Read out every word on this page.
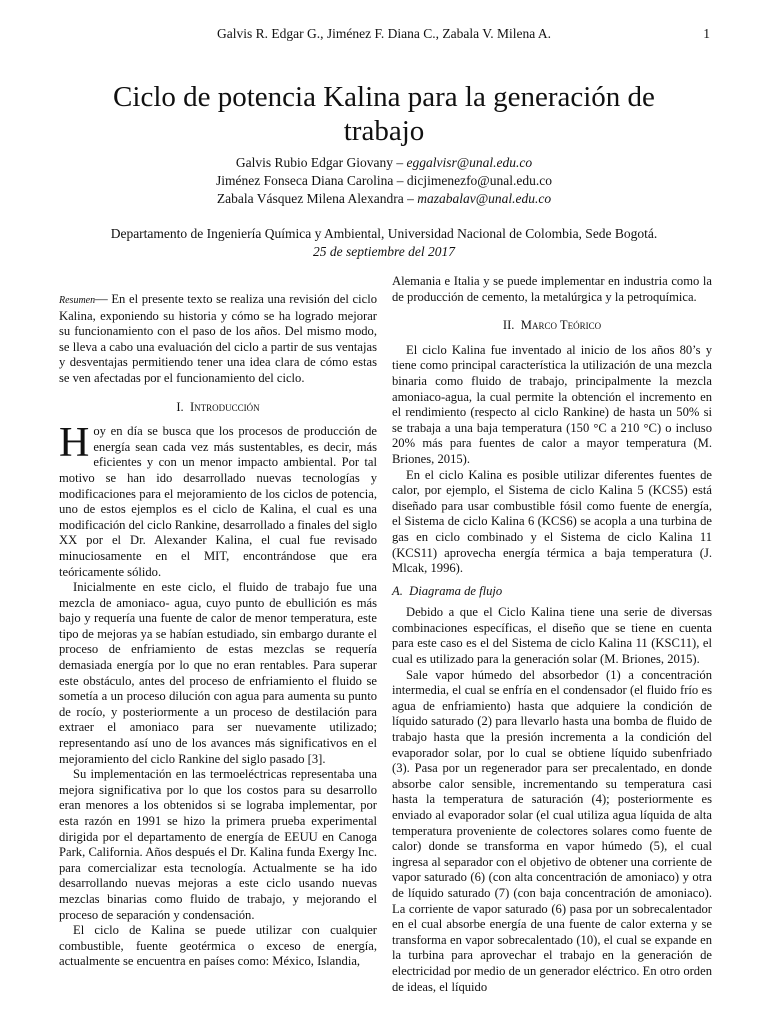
Galvis R. Edgar G., Jiménez F. Diana C., Zabala V. Milena A.	1
Ciclo de potencia Kalina para la generación de trabajo
Galvis Rubio Edgar Giovany – eggalvisr@unal.edu.co
Jiménez Fonseca Diana Carolina – dicjimenezfo@unal.edu.co
Zabala Vásquez Milena Alexandra – mazabalav@unal.edu.co
Departamento de Ingeniería Química y Ambiental, Universidad Nacional de Colombia, Sede Bogotá.
25 de septiembre del 2017

Resumen— En el presente texto se realiza una revisión del ciclo Kalina, exponiendo su historia y cómo se ha logrado mejorar su funcionamiento con el paso de los años. Del mismo modo, se lleva a cabo una evaluación del ciclo a partir de sus ventajas y desventajas permitiendo tener una idea clara de cómo estas se ven afectadas por el funcionamiento del ciclo.

I. Introducción

Hoy en día se busca que los procesos de producción de energía sean cada vez más sustentables, es decir, más eficientes y con un menor impacto ambiental. Por tal motivo se han ido desarrollado nuevas tecnologías y modificaciones para el mejoramiento de los ciclos de potencia, uno de estos ejemplos es el ciclo de Kalina, el cual es una modificación del ciclo Rankine, desarrollado a finales del siglo XX por el Dr. Alexander Kalina, el cual fue revisado minuciosamente en el MIT, encontrándose que era teóricamente sólido.

Inicialmente en este ciclo, el fluido de trabajo fue una mezcla de amoniaco- agua, cuyo punto de ebullición es más bajo y requería una fuente de calor de menor temperatura, este tipo de mejoras ya se habían estudiado, sin embargo durante el proceso de enfriamiento de estas mezclas se requería demasiada energía por lo que no eran rentables. Para superar este obstáculo, antes del proceso de enfriamiento el fluido se sometía a un proceso dilución con agua para aumenta su punto de rocío, y posteriormente a un proceso de destilación para extraer el amoniaco para ser nuevamente utilizado; representando así uno de los avances más significativos en el mejoramiento del ciclo Rankine del siglo pasado [3].

Su implementación en las termoeléctricas representaba una mejora significativa por lo que los costos para su desarrollo eran menores a los obtenidos si se lograba implementar, por esta razón en 1991 se hizo la primera prueba experimental dirigida por el departamento de energía de EEUU en Canoga Park, California. Años después el Dr. Kalina funda Exergy Inc. para comercializar esta tecnología. Actualmente se ha ido desarrollando nuevas mejoras a este ciclo usando nuevas mezclas binarias como fluido de trabajo, y mejorando el proceso de separación y condensación.

El ciclo de Kalina se puede utilizar con cualquier combustible, fuente geotérmica o exceso de energía, actualmente se encuentra en países como: México, Islandia,

Alemania e Italia y se puede implementar en industria como la de producción de cemento, la metalúrgica y la petroquímica.

II. Marco Teórico

El ciclo Kalina fue inventado al inicio de los años 80’s y tiene como principal característica la utilización de una mezcla binaria como fluido de trabajo, principalmente la mezcla amoniaco-agua, la cual permite la obtención el incremento en el rendimiento (respecto al ciclo Rankine) de hasta un 50% si se trabaja a una baja temperatura (150 °C a 210 °C) o incluso 20% más para fuentes de calor a mayor temperatura (M. Briones, 2015).

En el ciclo Kalina es posible utilizar diferentes fuentes de calor, por ejemplo, el Sistema de ciclo Kalina 5 (KCS5) está diseñado para usar combustible fósil como fuente de energía, el Sistema de ciclo Kalina 6 (KCS6) se acopla a una turbina de gas en ciclo combinado y el Sistema de ciclo Kalina 11 (KCS11) aprovecha energía térmica a baja temperatura (J. Mlcak, 1996).

A. Diagrama de flujo

Debido a que el Ciclo Kalina tiene una serie de diversas combinaciones específicas, el diseño que se tiene en cuenta para este caso es el del Sistema de ciclo Kalina 11 (KSC11), el cual es utilizado para la generación solar (M. Briones, 2015).

Sale vapor húmedo del absorbedor (1) a concentración intermedia, el cual se enfría en el condensador (el fluido frío es agua de enfriamiento) hasta que adquiere la condición de líquido saturado (2) para llevarlo hasta una bomba de fluido de trabajo hasta que la presión incrementa a la condición del evaporador solar, por lo cual se obtiene líquido subenfriado (3). Pasa por un regenerador para ser precalentado, en donde absorbe calor sensible, incrementando su temperatura casi hasta la temperatura de saturación (4); posteriormente es enviado al evaporador solar (el cual utiliza agua líquida de alta temperatura proveniente de colectores solares como fuente de calor) donde se transforma en vapor húmedo (5), el cual ingresa al separador con el objetivo de obtener una corriente de vapor saturado (6) (con alta concentración de amoniaco) y otra de líquido saturado (7) (con baja concentración de amoniaco). La corriente de vapor saturado (6) pasa por un sobrecalentador en el cual absorbe energía de una fuente de calor externa y se transforma en vapor sobrecalentado (10), el cual se expande en la turbina para aprovechar el trabajo en la generación de electricidad por medio de un generador eléctrico. En otro orden de ideas, el líquido
